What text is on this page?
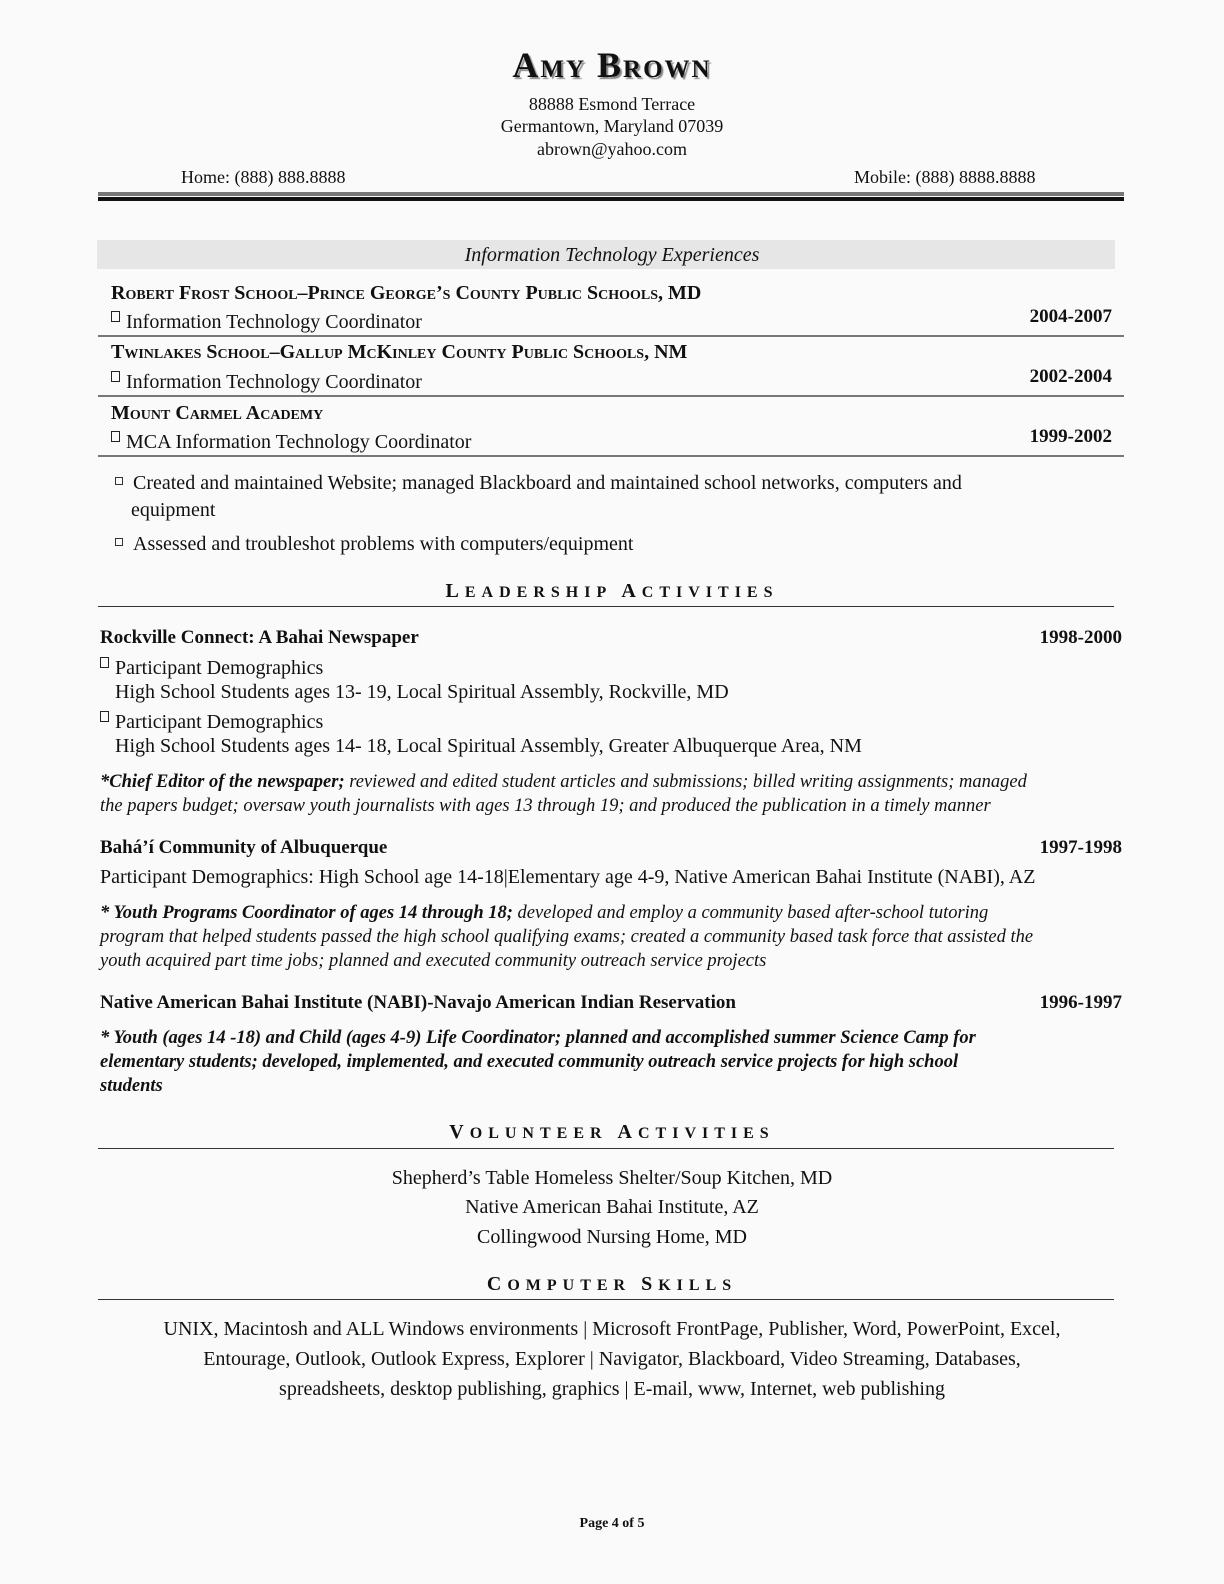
Amy Brown
88888 Esmond Terrace
Germantown, Maryland 07039
abrown@yahoo.com
Home: (888) 888.8888	Mobile: (888) 8888.8888
Information Technology Experiences
Robert Frost School–Prince George’s County Public Schools, MD
Information Technology Coordinator	2004-2007
Twinlakes School–Gallup McKinley County Public Schools, NM
Information Technology Coordinator	2002-2004
Mount Carmel Academy
MCA Information Technology Coordinator	1999-2002
Created and maintained Website; managed Blackboard and maintained school networks, computers and
equipment
Assessed and troubleshot problems with computers/equipment
LEADERSHIP ACTIVITIES
Rockville Connect: A Bahai Newspaper	1998-2000
Participant Demographics
High School Students ages 13- 19, Local Spiritual Assembly, Rockville, MD
Participant Demographics
High School Students ages 14- 18, Local Spiritual Assembly, Greater Albuquerque Area, NM
*Chief Editor of the newspaper; reviewed and edited student articles and submissions; billed writing assignments; managed
the papers budget; oversaw youth journalists with ages 13 through 19; and produced the publication in a timely manner
Bahá’í Community of Albuquerque	1997-1998
Participant Demographics: High School age 14-18|Elementary age 4-9, Native American Bahai Institute (NABI), AZ
* Youth Programs Coordinator of ages 14 through 18; developed and employ a community based after-school tutoring
program that helped students passed the high school qualifying exams; created a community based task force that assisted the
youth acquired part time jobs; planned and executed community outreach service projects
Native American Bahai Institute (NABI)-Navajo American Indian Reservation	1996-1997
* Youth (ages 14 -18) and Child (ages 4-9) Life Coordinator; planned and accomplished summer Science Camp for
elementary students; developed, implemented, and executed community outreach service projects for high school
students
VOLUNTEER ACTIVITIES
Shepherd’s Table Homeless Shelter/Soup Kitchen, MD
Native American Bahai Institute, AZ
Collingwood Nursing Home, MD
COMPUTER SKILLS
UNIX, Macintosh and ALL Windows environments | Microsoft FrontPage, Publisher, Word, PowerPoint, Excel,
Entourage, Outlook, Outlook Express, Explorer | Navigator, Blackboard, Video Streaming, Databases,
spreadsheets, desktop publishing, graphics | E-mail, www, Internet, web publishing
Page 4 of 5
